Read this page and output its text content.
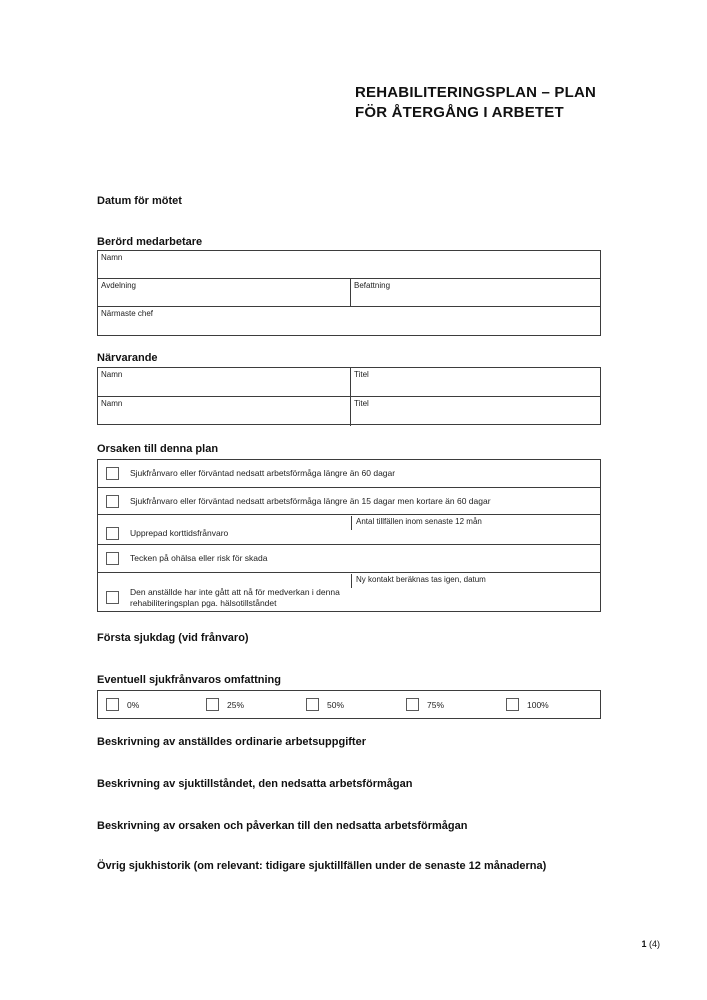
REHABILITERINGSPLAN – PLAN
FÖR ÅTERGÅNG I ARBETET
Datum för mötet
Berörd medarbetare
Namn
Avdelning	Befattning
Närmaste chef
Närvarande
Namn	Titel
Namn	Titel
Orsaken till denna plan
Sjukfrånvaro eller förväntad nedsatt arbetsförmåga längre än 60 dagar
Sjukfrånvaro eller förväntad nedsatt arbetsförmåga längre än 15 dagar men kortare än 60 dagar
Upprepad korttidsfrånvaro
Antal tillfällen inom senaste 12 mån
Tecken på ohälsa eller risk för skada
Den anställde har inte gått att nå för medverkan i denna rehabiliteringsplan pga. hälsotillståndet
Ny kontakt beräknas tas igen, datum
Första sjukdag (vid frånvaro)
Eventuell sjukfrånvaros omfattning
0%	25%	50%	75%	100%
Beskrivning av anställdes ordinarie arbetsuppgifter
Beskrivning av sjuktillståndet, den nedsatta arbetsförmågan
Beskrivning av orsaken och påverkan till den nedsatta arbetsförmågan
Övrig sjukhistorik (om relevant: tidigare sjuktillfällen under de senaste 12 månaderna)
1 (4)
